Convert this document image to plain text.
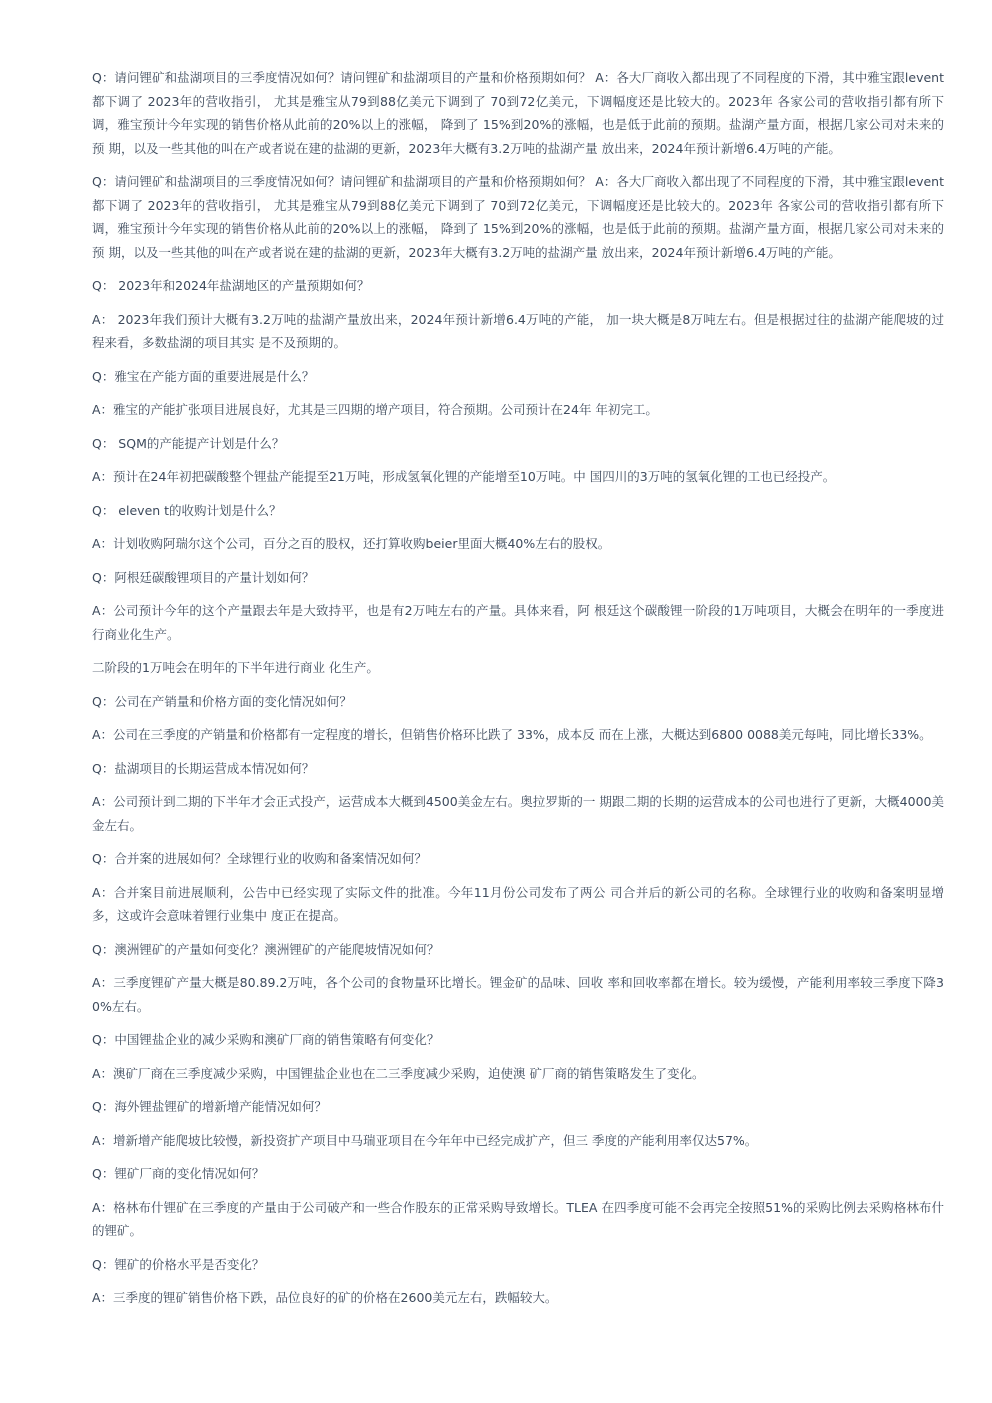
Q：请问锂矿和盐湖项目的三季度情况如何？请问锂矿和盐湖项目的产量和价格预期如何？ A：各大厂商收入都出现了不同程度的下滑，其中雅宝跟levent都下调了 2023年的营收指引， 尤其是雅宝从79到88亿美元下调到了 70到72亿美元，下调幅度还是比较大的。2023年 各家公司的营收指引都有所下调，雅宝预计今年实现的销售价格从此前的20%以上的涨幅， 降到了 15%到20%的涨幅，也是低于此前的预期。盐湖产量方面，根据几家公司对未来的预 期，以及一些其他的叫在产或者说在建的盐湖的更新，2023年大概有3.2万吨的盐湖产量 放出来，2024年预计新增6.4万吨的产能。

Q：请问锂矿和盐湖项目的三季度情况如何？请问锂矿和盐湖项目的产量和价格预期如何？ A：各大厂商收入都出现了不同程度的下滑，其中雅宝跟levent都下调了 2023年的营收指引， 尤其是雅宝从79到88亿美元下调到了 70到72亿美元，下调幅度还是比较大的。2023年 各家公司的营收指引都有所下调，雅宝预计今年实现的销售价格从此前的20%以上的涨幅， 降到了 15%到20%的涨幅，也是低于此前的预期。盐湖产量方面，根据几家公司对未来的预 期，以及一些其他的叫在产或者说在建的盐湖的更新，2023年大概有3.2万吨的盐湖产量 放出来，2024年预计新增6.4万吨的产能。

Q： 2023年和2024年盐湖地区的产量预期如何？

A： 2023年我们预计大概有3.2万吨的盐湖产量放出来，2024年预计新增6.4万吨的产能， 加一块大概是8万吨左右。但是根据过往的盐湖产能爬坡的过程来看，多数盐湖的项目其实 是不及预期的。

Q：雅宝在产能方面的重要进展是什么？

A：雅宝的产能扩张项目进展良好，尤其是三四期的增产项目，符合预期。公司预计在24年 年初完工。

Q： SQM的产能提产计划是什么？

A：预计在24年初把碳酸整个锂盐产能提至21万吨，形成氢氧化锂的产能增至10万吨。中 国四川的3万吨的氢氧化锂的工也已经投产。

Q： eleven t的收购计划是什么？

A：计划收购阿瑞尔这个公司，百分之百的股权，还打算收购beier里面大概40%左右的股权。

Q：阿根廷碳酸锂项目的产量计划如何？

A：公司预计今年的这个产量跟去年是大致持平，也是有2万吨左右的产量。具体来看，阿 根廷这个碳酸锂一阶段的1万吨项目，大概会在明年的一季度进行商业化生产。

二阶段的1万吨会在明年的下半年进行商业 化生产。

Q：公司在产销量和价格方面的变化情况如何？

A：公司在三季度的产销量和价格都有一定程度的增长，但销售价格环比跌了 33%，成本反 而在上涨，大概达到6800 0088美元每吨，同比增长33%。

Q：盐湖项目的长期运营成本情况如何？

A：公司预计到二期的下半年才会正式投产，运营成本大概到4500美金左右。奥拉罗斯的一 期跟二期的长期的运营成本的公司也进行了更新，大概4000美金左右。

Q：合并案的进展如何？全球锂行业的收购和备案情况如何？

A：合并案目前进展顺利，公告中已经实现了实际文件的批准。今年11月份公司发布了两公 司合并后的新公司的名称。全球锂行业的收购和备案明显增多，这或许会意味着锂行业集中 度正在提高。

Q：澳洲锂矿的产量如何变化？澳洲锂矿的产能爬坡情况如何？

A：三季度锂矿产量大概是80.89.2万吨，各个公司的食物量环比增长。锂金矿的品味、回收 率和回收率都在增长。较为缓慢，产能利用率较三季度下降30%左右。

Q：中国锂盐企业的减少采购和澳矿厂商的销售策略有何变化？

A：澳矿厂商在三季度减少采购，中国锂盐企业也在二三季度减少采购，迫使澳 矿厂商的销售策略发生了变化。

Q：海外锂盐锂矿的增新增产能情况如何？

A：增新增产能爬坡比较慢，新投资扩产项目中马瑞亚项目在今年年中已经完成扩产，但三 季度的产能利用率仅达57%。

Q：锂矿厂商的变化情况如何？

A：格林布什锂矿在三季度的产量由于公司破产和一些合作股东的正常采购导致增长。TLEA 在四季度可能不会再完全按照51%的采购比例去采购格林布什的锂矿。

Q：锂矿的价格水平是否变化？

A：三季度的锂矿销售价格下跌，品位良好的矿的价格在2600美元左右，跌幅较大。
